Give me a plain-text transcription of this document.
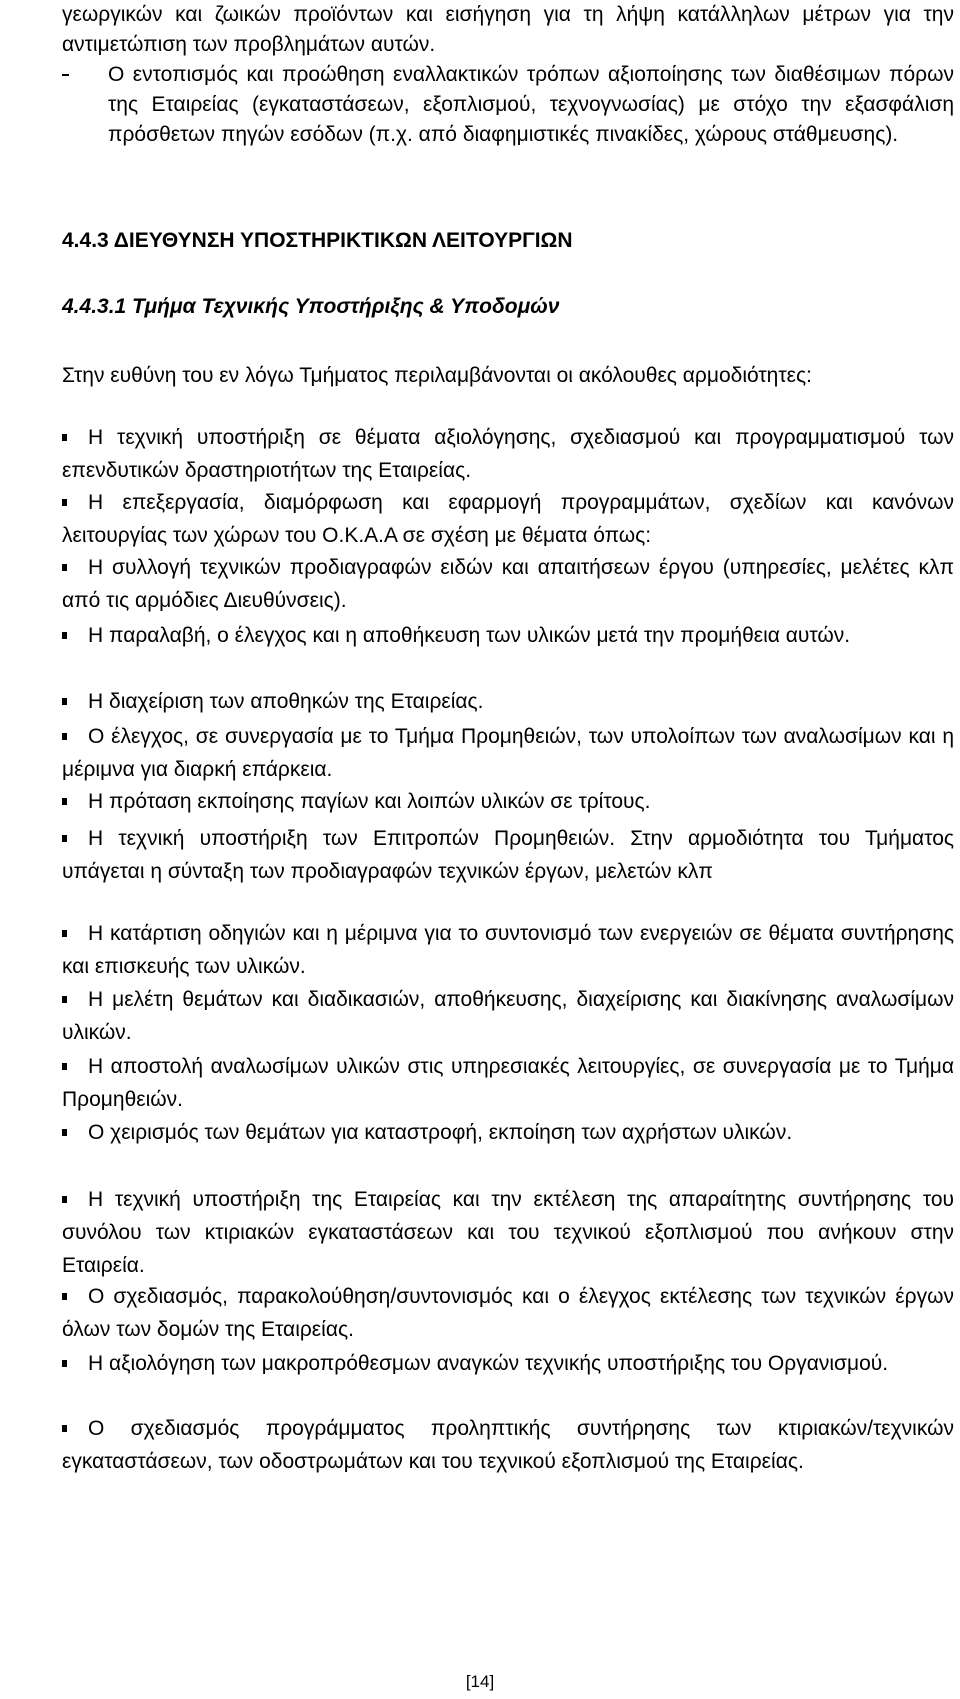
γεωργικών και ζωικών προϊόντων και εισήγηση για τη λήψη κατάλληλων μέτρων για την αντιμετώπιση των προβλημάτων αυτών.
Ο εντοπισμός και προώθηση εναλλακτικών τρόπων αξιοποίησης των διαθέσιμων πόρων της Εταιρείας (εγκαταστάσεων, εξοπλισμού, τεχνογνωσίας) με στόχο την εξασφάλιση πρόσθετων πηγών εσόδων (π.χ. από διαφημιστικές πινακίδες, χώρους στάθμευσης).
4.4.3 ΔΙΕΥΘΥΝΣΗ ΥΠΟΣΤΗΡΙΚΤΙΚΩΝ ΛΕΙΤΟΥΡΓΙΩΝ
4.4.3.1 Τμήμα Τεχνικής Υποστήριξης & Υποδομών
Στην ευθύνη του εν λόγω Τμήματος περιλαμβάνονται οι ακόλουθες αρμοδιότητες:
Η τεχνική υποστήριξη σε θέματα αξιολόγησης, σχεδιασμού και προγραμματισμού των επενδυτικών δραστηριοτήτων της Εταιρείας.
Η επεξεργασία, διαμόρφωση και εφαρμογή προγραμμάτων, σχεδίων και κανόνων λειτουργίας των χώρων του Ο.Κ.Α.Α σε σχέση με θέματα όπως:
Η συλλογή τεχνικών προδιαγραφών ειδών και απαιτήσεων έργου (υπηρεσίες, μελέτες κλπ από τις αρμόδιες Διευθύνσεις).
Η παραλαβή, ο έλεγχος και η αποθήκευση των υλικών μετά την προμήθεια αυτών.
Η διαχείριση των αποθηκών της Εταιρείας.
Ο έλεγχος, σε συνεργασία με το Τμήμα Προμηθειών, των υπολοίπων των αναλωσίμων και η μέριμνα για διαρκή επάρκεια.
Η πρόταση εκποίησης παγίων και λοιπών υλικών σε τρίτους.
Η τεχνική υποστήριξη των Επιτροπών Προμηθειών. Στην αρμοδιότητα του Τμήματος υπάγεται η σύνταξη των προδιαγραφών τεχνικών έργων, μελετών κλπ
Η κατάρτιση οδηγιών και η μέριμνα για το συντονισμό των ενεργειών σε θέματα συντήρησης και επισκευής των υλικών.
Η μελέτη θεμάτων και διαδικασιών, αποθήκευσης, διαχείρισης και διακίνησης αναλωσίμων υλικών.
Η αποστολή αναλωσίμων υλικών στις υπηρεσιακές λειτουργίες, σε συνεργασία με το Τμήμα Προμηθειών.
Ο χειρισμός των θεμάτων για καταστροφή, εκποίηση των αχρήστων υλικών.
Η τεχνική υποστήριξη της Εταιρείας και την εκτέλεση της απαραίτητης συντήρησης του συνόλου των κτιριακών εγκαταστάσεων και του τεχνικού εξοπλισμού που ανήκουν στην Εταιρεία.
Ο σχεδιασμός, παρακολούθηση/συντονισμός και ο έλεγχος εκτέλεσης των τεχνικών έργων όλων των δομών της Εταιρείας.
Η αξιολόγηση των μακροπρόθεσμων αναγκών τεχνικής υποστήριξης του Οργανισμού.
Ο σχεδιασμός προγράμματος προληπτικής συντήρησης των κτιριακών/τεχνικών εγκαταστάσεων, των οδοστρωμάτων και του τεχνικού εξοπλισμού της Εταιρείας.
[14]
